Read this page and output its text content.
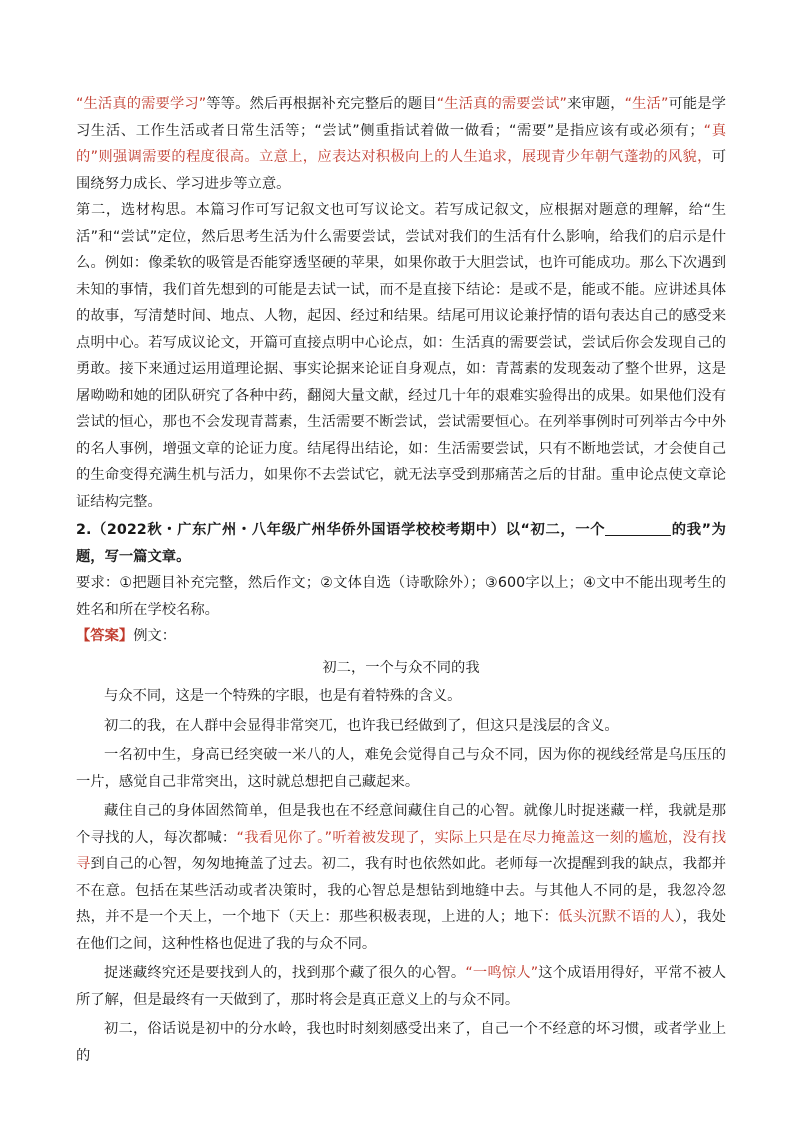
“生活真的需要学习”等等。然后再根据补充完整后的题目“生活真的需要尝试”来审题，“生活”可能是学习生活、工作生活或者日常生活等；“尝试”侧重指试着做一做看；“需要”是指应该有或必须有；“真的”则强调需要的程度很高。立意上，应表达对积极向上的人生追求，展现青少年朝气蓬勃的风貌，可围绕努力成长、学习进步等立意。

第二，选材构思。本篇习作可写记叙文也可写议论文。若写成记叙文，应根据对题意的理解，给“生活”和“尝试”定位，然后思考生活为什么需要尝试，尝试对我们的生活有什么影响，给我们的启示是什么。例如：像柔软的吸管是否能穿透坚硬的苹果，如果你敢于大胆尝试，也许可能成功。那么下次遇到未知的事情，我们首先想到的可能是去试一试，而不是直接下结论：是或不是，能或不能。应讲述具体的故事，写清楚时间、地点、人物，起因、经过和结果。结尾可用议论兼抒情的语句表达自己的感受来点明中心。若写成议论文，开篇可直接点明中心论点，如：生活真的需要尝试，尝试后你会发现自己的勇敢。接下来通过运用道理论据、事实论据来论证自身观点，如：青蒿素的发现轰动了整个世界，这是屠呦呦和她的团队研究了各种中药，翻阅大量文献，经过几十年的艰难实验得出的成果。如果他们没有尝试的恒心，那也不会发现青蒿素，生活需要不断尝试，尝试需要恒心。在列举事例时可列举古今中外的名人事例，增强文章的论证力度。结尾得出结论，如：生活需要尝试，只有不断地尝试，才会使自己的生命变得充满生机与活力，如果你不去尝试它，就无法享受到那痛苦之后的甘甜。重申论点使文章论证结构完整。

2.（2022秋・广东广州・八年级广州华侨外国语学校校考期中）以“初二，一个	的我”为题，写一篇文章。

要求：①把题目补充完整，然后作文；②文体自选（诗歌除外）；③600字以上；④文中不能出现考生的姓名和所在学校名称。

【答案】例文：

初二，一个与众不同的我

与众不同，这是一个特殊的字眼，也是有着特殊的含义。

初二的我，在人群中会显得非常突兀，也许我已经做到了，但这只是浅层的含义。

一名初中生，身高已经突破一米八的人，难免会觉得自己与众不同，因为你的视线经常是乌压压的一片，感觉自己非常突出，这时就总想把自己藏起来。

藏住自己的身体固然简单，但是我也在不经意间藏住自己的心智。就像儿时捉迷藏一样，我就是那个寻找的人，每次都喊：“我看见你了。”听着被发现了，实际上只是在尽力掩盖这一刻的尴尬，没有找寻到自己的心智，匆匆地掩盖了过去。初二，我有时也依然如此。老师每一次提醒到我的缺点，我都并不在意。包括在某些活动或者决策时，我的心智总是想钻到地缝中去。与其他人不同的是，我忽冷忽热，并不是一个天上，一个地下（天上：那些积极表现，上进的人；地下：低头沉默不语的人），我处在他们之间，这种性格也促进了我的与众不同。

捉迷藏终究还是要找到人的，找到那个藏了很久的心智。“一鸣惊人”这个成语用得好，平常不被人所了解，但是最终有一天做到了，那时将会是真正意义上的与众不同。

初二，俗话说是初中的分水岭，我也时时刻刻感受出来了，自己一个不经意的坏习惯，或者学业上的
